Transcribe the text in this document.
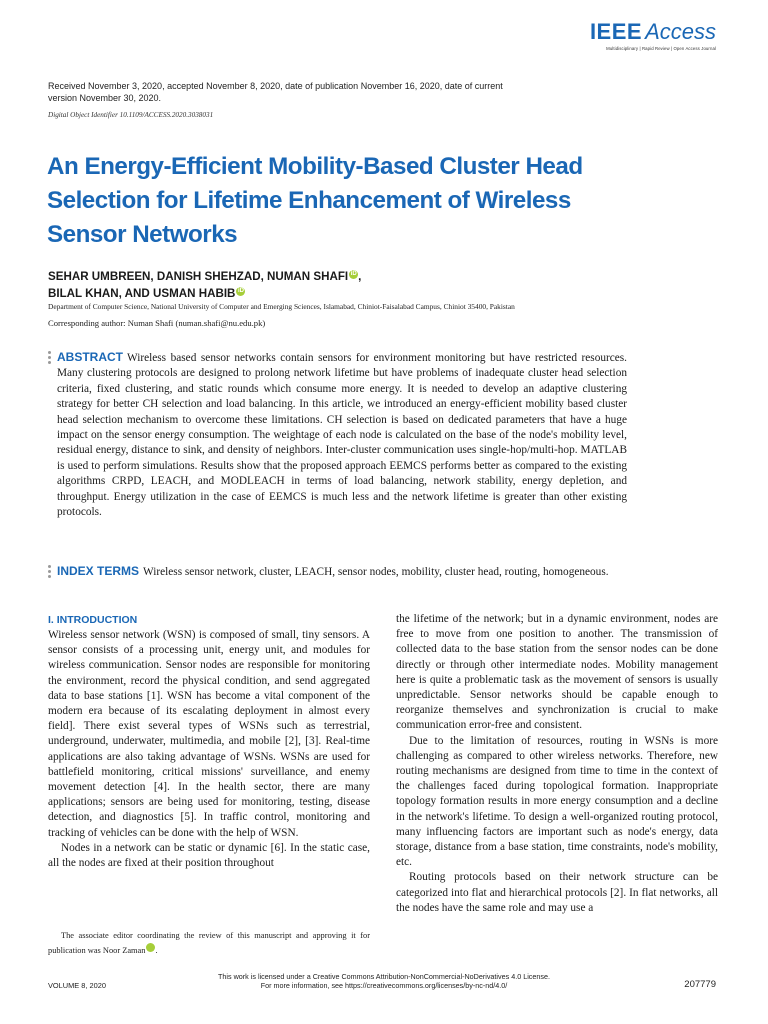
IEEE Access
Multidisciplinary | Rapid Review | Open Access Journal
Received November 3, 2020, accepted November 8, 2020, date of publication November 16, 2020, date of current version November 30, 2020.
Digital Object Identifier 10.1109/ACCESS.2020.3038031
An Energy-Efficient Mobility-Based Cluster Head Selection for Lifetime Enhancement of Wireless Sensor Networks
SEHAR UMBREEN, DANISH SHEHZAD, NUMAN SHAFI iD ,
BILAL KHAN, AND USMAN HABIB iD
Department of Computer Science, National University of Computer and Emerging Sciences, Islamabad, Chiniot-Faisalabad Campus, Chiniot 35400, Pakistan
Corresponding author: Numan Shafi (numan.shafi@nu.edu.pk)
ABSTRACT Wireless based sensor networks contain sensors for environment monitoring but have restricted resources. Many clustering protocols are designed to prolong network lifetime but have problems of inadequate cluster head selection criteria, fixed clustering, and static rounds which consume more energy. It is needed to develop an adaptive clustering strategy for better CH selection and load balancing. In this article, we introduced an energy-efficient mobility based cluster head selection mechanism to overcome these limitations. CH selection is based on dedicated parameters that have a huge impact on the sensor energy consumption. The weightage of each node is calculated on the base of the node's mobility level, residual energy, distance to sink, and density of neighbors. Inter-cluster communication uses single-hop/multi-hop. MATLAB is used to perform simulations. Results show that the proposed approach EEMCS performs better as compared to the existing algorithms CRPD, LEACH, and MODLEACH in terms of load balancing, network stability, energy depletion, and throughput. Energy utilization in the case of EEMCS is much less and the network lifetime is greater than other existing protocols.
INDEX TERMS Wireless sensor network, cluster, LEACH, sensor nodes, mobility, cluster head, routing, homogeneous.
I. INTRODUCTION

Wireless sensor network (WSN) is composed of small, tiny sensors. A sensor consists of a processing unit, energy unit, and modules for wireless communication. Sensor nodes are responsible for monitoring the environment, record the physical condition, and send aggregated data to base stations [1]. WSN has become a vital component of the modern era because of its escalating deployment in almost every field]. There exist several types of WSNs such as terrestrial, underground, underwater, multimedia, and mobile [2], [3]. Real-time applications are also taking advantage of WSNs. WSNs are used for battlefield monitoring, critical missions' surveillance, and enemy movement detection [4]. In the health sector, there are many applications; sensors are being used for monitoring, testing, disease detection, and diagnostics [5]. In traffic control, monitoring and tracking of vehicles can be done with the help of WSN.

Nodes in a network can be static or dynamic [6]. In the static case, all the nodes are fixed at their position throughout

the lifetime of the network; but in a dynamic environment, nodes are free to move from one position to another. The transmission of collected data to the base station from the sensor nodes can be done directly or through other intermediate nodes. Mobility management here is quite a problematic task as the movement of sensors is usually unpredictable. Sensor networks should be capable enough to reorganize themselves and synchronization is crucial to make communication error-free and consistent.

Due to the limitation of resources, routing in WSNs is more challenging as compared to other wireless networks. Therefore, new routing mechanisms are designed from time to time in the context of the challenges faced during topological formation. Inappropriate topology formation results in more energy consumption and a decline in the network's lifetime. To design a well-organized routing protocol, many influencing factors are important such as node's energy, data storage, distance from a base station, time constraints, node's mobility, etc.

Routing protocols based on their network structure can be categorized into flat and hierarchical protocols [2]. In flat networks, all the nodes have the same role and may use a

The associate editor coordinating the review of this manuscript and approving it for publication was Noor Zaman iD.

This work is licensed under a Creative Commons Attribution-NonCommercial-NoDerivatives 4.0 License.
For more information, see https://creativecommons.org/licenses/by-nc-nd/4.0/
VOLUME 8, 2020	207779
